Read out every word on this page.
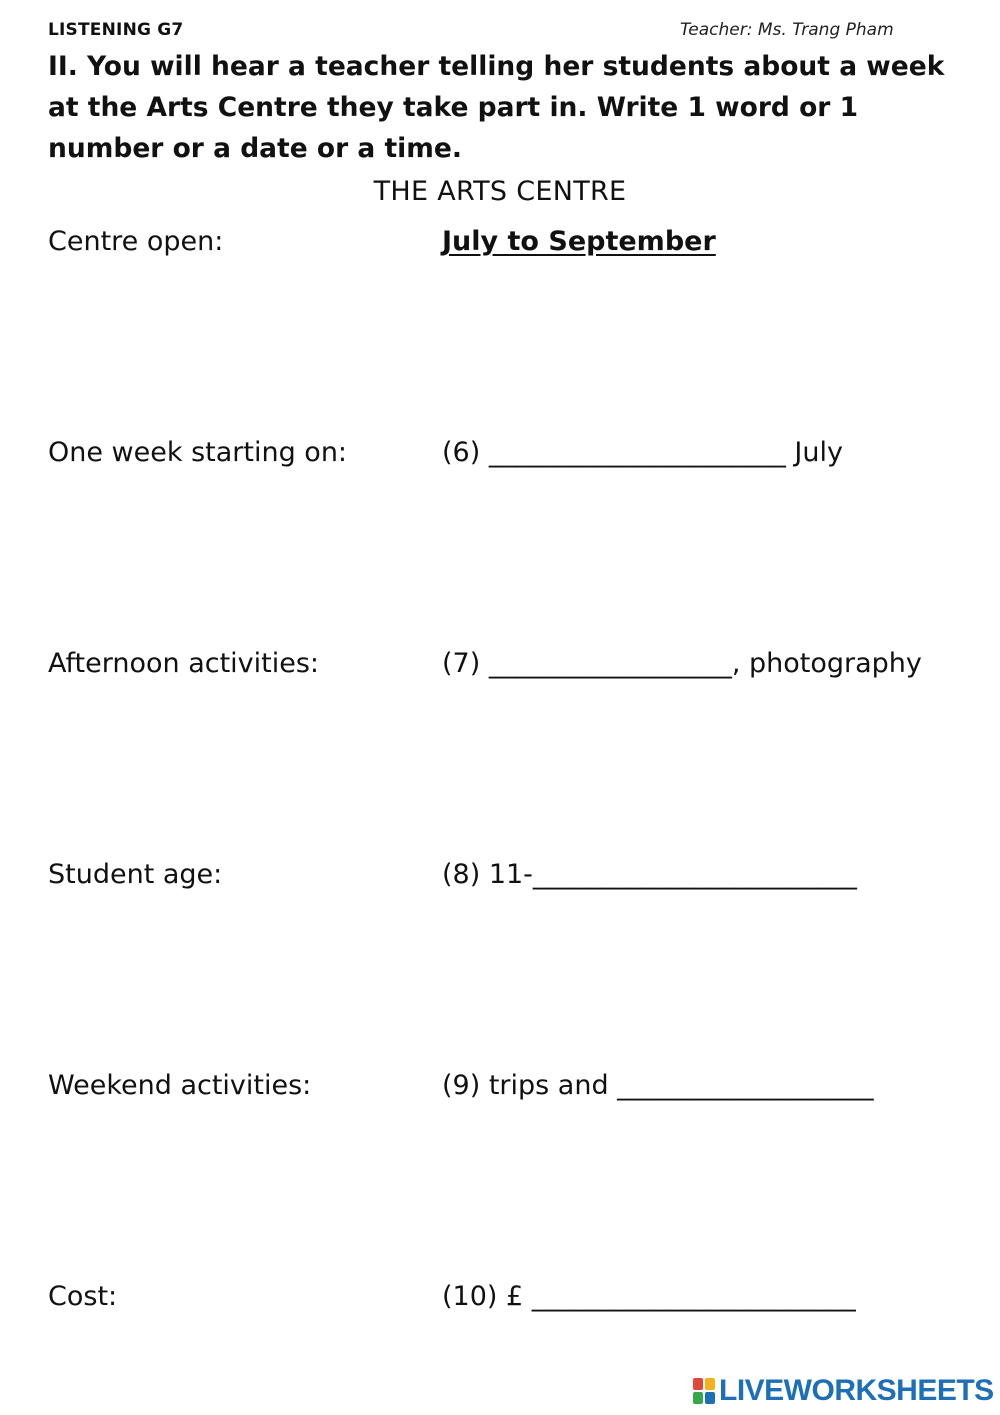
LISTENING G7	Teacher: Ms. Trang Pham
II. You will hear a teacher telling her students about a week at the Arts Centre they take part in. Write 1 word or 1 number or a date or a time.
THE ARTS CENTRE
Centre open:	July to September
One week starting on:	(6) ______________________ July
Afternoon activities:	(7) __________________, photography
Student age:	(8) 11-________________________
Weekend activities:	(9) trips and ___________________
Cost:	(10) £ ________________________
LIVEWORKSHEETS
